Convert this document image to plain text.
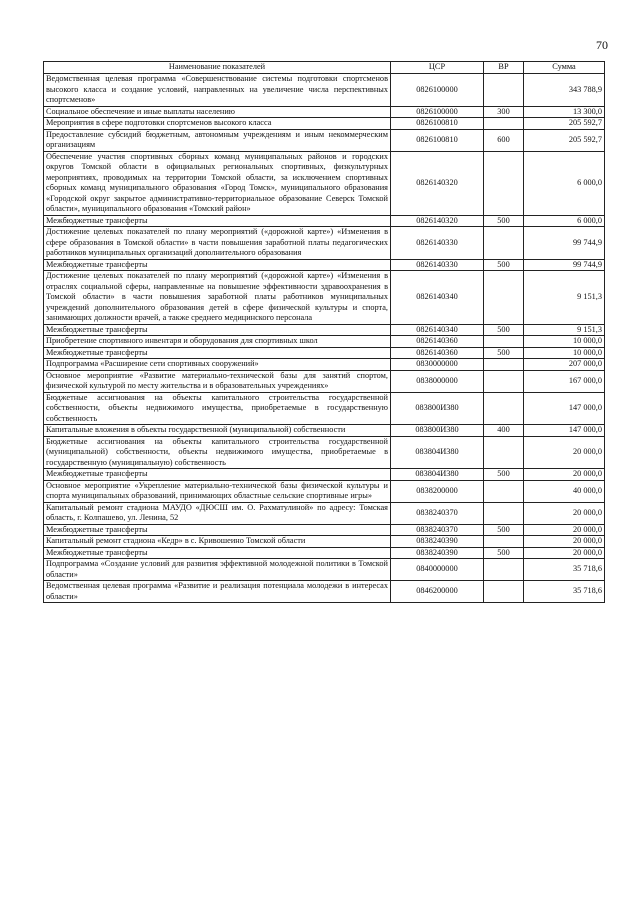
70
Наименование показателей	ЦСР	ВР	Сумма
Ведомственная целевая программа «Совершенствование системы подготовки спортсменов высокого класса и создание условий, направленных на увеличение числа перспективных спортсменов»	0826100000		343 788,9
Социальное обеспечение и иные выплаты населению	0826100000	300	13 300,0
Мероприятия в сфере подготовки спортсменов высокого класса	0826100810		205 592,7
Предоставление субсидий бюджетным, автономным учреждениям и иным некоммерческим организациям	0826100810	600	205 592,7
Обеспечение участия спортивных сборных команд муниципальных районов и городских округов Томской области в официальных региональных спортивных, физкультурных мероприятиях, проводимых на территории Томской области, за исключением спортивных сборных команд муниципального образования «Город Томск», муниципального образования «Городской округ закрытое административно-территориальное образование Северск Томской области», муниципального образования «Томский район»	0826140320		6 000,0
Межбюджетные трансферты	0826140320	500	6 000,0
Достижение целевых показателей по плану мероприятий («дорожной карте») «Изменения в сфере образования в Томской области» в части повышения заработной платы педагогических работников муниципальных организаций дополнительного образования	0826140330		99 744,9
Межбюджетные трансферты	0826140330	500	99 744,9
Достижение целевых показателей по плану мероприятий («дорожной карте») «Изменения в отраслях социальной сферы, направленные на повышение эффективности здравоохранения в Томской области» в части повышения заработной платы работников муниципальных учреждений дополнительного образования детей в сфере физической культуры и спорта, занимающих должности врачей, а также среднего медицинского персонала	0826140340		9 151,3
Межбюджетные трансферты	0826140340	500	9 151,3
Приобретение спортивного инвентаря и оборудования для спортивных школ	0826140360		10 000,0
Межбюджетные трансферты	0826140360	500	10 000,0
Подпрограмма «Расширение сети спортивных сооружений»	0830000000		207 000,0
Основное мероприятие «Развитие материально-технической базы для занятий спортом, физической культурой по месту жительства и в образовательных учреждениях»	0838000000		167 000,0
Бюджетные ассигнования на объекты капитального строительства государственной собственности, объекты недвижимого имущества, приобретаемые в государственную собственность	083800И380		147 000,0
Капитальные вложения в объекты государственной (муниципальной) собственности	083800И380	400	147 000,0
Бюджетные ассигнования на объекты капитального строительства государственной (муниципальной) собственности, объекты недвижимого имущества, приобретаемые в государственную (муниципальную) собственность	083804И380		20 000,0
Межбюджетные трансферты	083804И380	500	20 000,0
Основное мероприятие «Укрепление материально-технической базы физической культуры и спорта муниципальных образований, принимающих областные сельские спортивные игры»	0838200000		40 000,0
Капитальный ремонт стадиона МАУДО «ДЮСШ им. О. Рахматулиной» по адресу: Томская область, г. Колпашево, ул. Ленина, 52	0838240370		20 000,0
Межбюджетные трансферты	0838240370	500	20 000,0
Капитальный ремонт стадиона «Кедр» в с. Кривошеино Томской области	0838240390		20 000,0
Межбюджетные трансферты	0838240390	500	20 000,0
Подпрограмма «Создание условий для развития эффективной молодежной политики в Томской области»	0840000000		35 718,6
Ведомственная целевая программа «Развитие и реализация потенциала молодежи в интересах области»	0846200000		35 718,6
